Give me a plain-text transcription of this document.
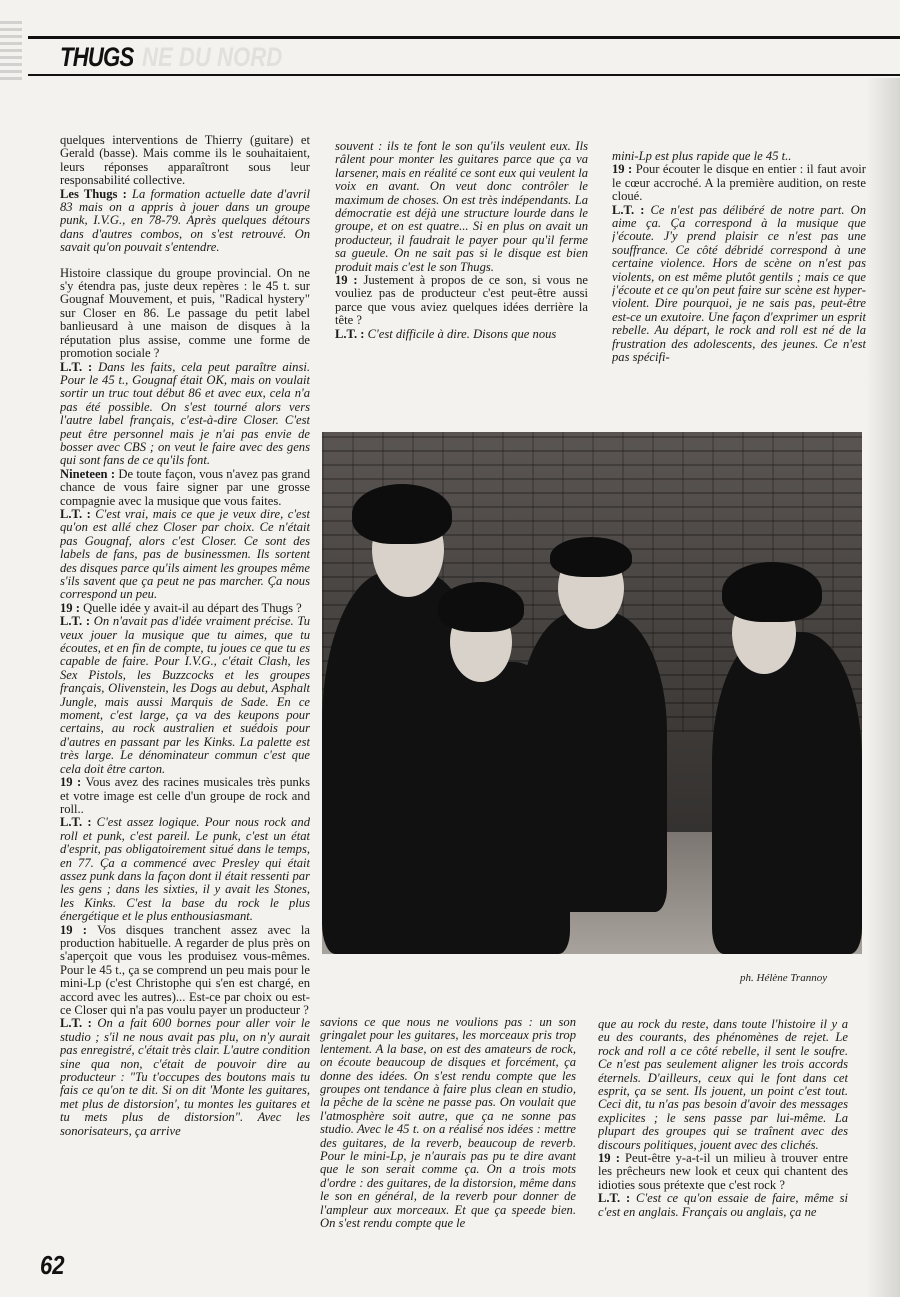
NE DU NORD
THUGS

quelques interventions de Thierry (guitare) et Gerald (basse). Mais comme ils le souhaitaient, leurs réponses apparaîtront sous leur responsabilité collective.

Les Thugs : La formation actuelle date d'avril 83 mais on a appris à jouer dans un groupe punk, I.V.G., en 78-79. Après quelques détours dans d'autres combos, on s'est retrouvé. On savait qu'on pouvait s'entendre.

Histoire classique du groupe provincial. On ne s'y étendra pas, juste deux repères : le 45 t. sur Gougnaf Mouvement, et puis, "Radical hystery" sur Closer en 86. Le passage du petit label banlieusard à une maison de disques à la réputation plus assise, comme une forme de promotion sociale ?

L.T. : Dans les faits, cela peut paraître ainsi. Pour le 45 t., Gougnaf était OK, mais on voulait sortir un truc tout début 86 et avec eux, cela n'a pas été possible. On s'est tourné alors vers l'autre label français, c'est-à-dire Closer. C'est peut être personnel mais je n'ai pas envie de bosser avec CBS ; on veut le faire avec des gens qui sont fans de ce qu'ils font.

Nineteen : De toute façon, vous n'avez pas grand chance de vous faire signer par une grosse compagnie avec la musique que vous faites.

L.T. : C'est vrai, mais ce que je veux dire, c'est qu'on est allé chez Closer par choix. Ce n'était pas Gougnaf, alors c'est Closer. Ce sont des labels de fans, pas de businessmen. Ils sortent des disques parce qu'ils aiment les groupes même s'ils savent que ça peut ne pas marcher. Ça nous correspond un peu.

19 : Quelle idée y avait-il au départ des Thugs ?

L.T. : On n'avait pas d'idée vraiment précise. Tu veux jouer la musique que tu aimes, que tu écoutes, et en fin de compte, tu joues ce que tu es capable de faire. Pour I.V.G., c'était Clash, les Sex Pistols, les Buzzcocks et les groupes français, Olivenstein, les Dogs au debut, Asphalt Jungle, mais aussi Marquis de Sade. En ce moment, c'est large, ça va des keupons pour certains, au rock australien et suédois pour d'autres en passant par les Kinks. La palette est très large. Le dénominateur commun c'est que cela doit être carton.

19 : Vous avez des racines musicales très punks et votre image est celle d'un groupe de rock and roll..

L.T. : C'est assez logique. Pour nous rock and roll et punk, c'est pareil. Le punk, c'est un état d'esprit, pas obligatoirement situé dans le temps, en 77. Ça a commencé avec Presley qui était assez punk dans la façon dont il était ressenti par les gens ; dans les sixties, il y avait les Stones, les Kinks. C'est la base du rock le plus énergétique et le plus enthousiasmant.

19 : Vos disques tranchent assez avec la production habituelle. A regarder de plus près on s'aperçoit que vous les produisez vous-mêmes. Pour le 45 t., ça se comprend un peu mais pour le mini-Lp (c'est Christophe qui s'en est chargé, en accord avec les autres)... Est-ce par choix ou est-ce Closer qui n'a pas voulu payer un producteur ?

L.T. : On a fait 600 bornes pour aller voir le studio ; s'il ne nous avait pas plu, on n'y aurait pas enregistré, c'était très clair. L'autre condition sine qua non, c'était de pouvoir dire au producteur : "Tu t'occupes des boutons mais tu fais ce qu'on te dit. Si on dit 'Monte les guitares, met plus de distorsion', tu montes les guitares et tu mets plus de distorsion". Avec les sonorisateurs, ça arrive

souvent : ils te font le son qu'ils veulent eux. Ils râlent pour monter les guitares parce que ça va larsener, mais en réalité ce sont eux qui veulent la voix en avant. On veut donc contrôler le maximum de choses. On est très indépendants. La démocratie est déjà une structure lourde dans le groupe, et on est quatre... Si en plus on avait un producteur, il faudrait le payer pour qu'il ferme sa gueule. On ne sait pas si le disque est bien produit mais c'est le son Thugs.

19 : Justement à propos de ce son, si vous ne vouliez pas de producteur c'est peut-être aussi parce que vous aviez quelques idées derrière la tête ?

L.T. : C'est difficile à dire. Disons que nous

mini-Lp est plus rapide que le 45 t..

19 : Pour écouter le disque en entier : il faut avoir le cœur accroché. A la première audition, on reste cloué.

L.T. : Ce n'est pas délibéré de notre part. On aime ça. Ça correspond à la musique que j'écoute. J'y prend plaisir ce n'est pas une souffrance. Ce côté débridé correspond à une certaine violence. Hors de scène on n'est pas violents, on est même plutôt gentils ; mais ce que j'écoute et ce qu'on peut faire sur scène est hyper-violent. Dire pourquoi, je ne sais pas, peut-être est-ce un exutoire. Une façon d'exprimer un esprit rebelle. Au départ, le rock and roll est né de la frustration des adolescents, des jeunes. Ce n'est pas spécifi-

ph. Hélène Trannoy

savions ce que nous ne voulions pas : un son gringalet pour les guitares, les morceaux pris trop lentement. A la base, on est des amateurs de rock, on écoute beaucoup de disques et forcément, ça donne des idées. On s'est rendu compte que les groupes ont tendance à faire plus clean en studio, la pêche de la scène ne passe pas. On voulait que l'atmosphère soit autre, que ça ne sonne pas studio. Avec le 45 t. on a réalisé nos idées : mettre des guitares, de la reverb, beaucoup de reverb. Pour le mini-Lp, je n'aurais pas pu te dire avant que le son serait comme ça. On a trois mots d'ordre : des guitares, de la distorsion, même dans le son en général, de la reverb pour donner de l'ampleur aux morceaux. Et que ça speede bien. On s'est rendu compte que le

que au rock du reste, dans toute l'histoire il y a eu des courants, des phénomènes de rejet. Le rock and roll a ce côté rebelle, il sent le soufre. Ce n'est pas seulement aligner les trois accords éternels. D'ailleurs, ceux qui le font dans cet esprit, ça se sent. Ils jouent, un point c'est tout. Ceci dit, tu n'as pas besoin d'avoir des messages explicites ; le sens passe par lui-même. La plupart des groupes qui se traînent avec des discours politiques, jouent avec des clichés.

19 : Peut-être y-a-t-il un milieu à trouver entre les prêcheurs new look et ceux qui chantent des idioties sous prétexte que c'est rock ?

L.T. : C'est ce qu'on essaie de faire, même si c'est en anglais. Français ou anglais, ça ne

62
